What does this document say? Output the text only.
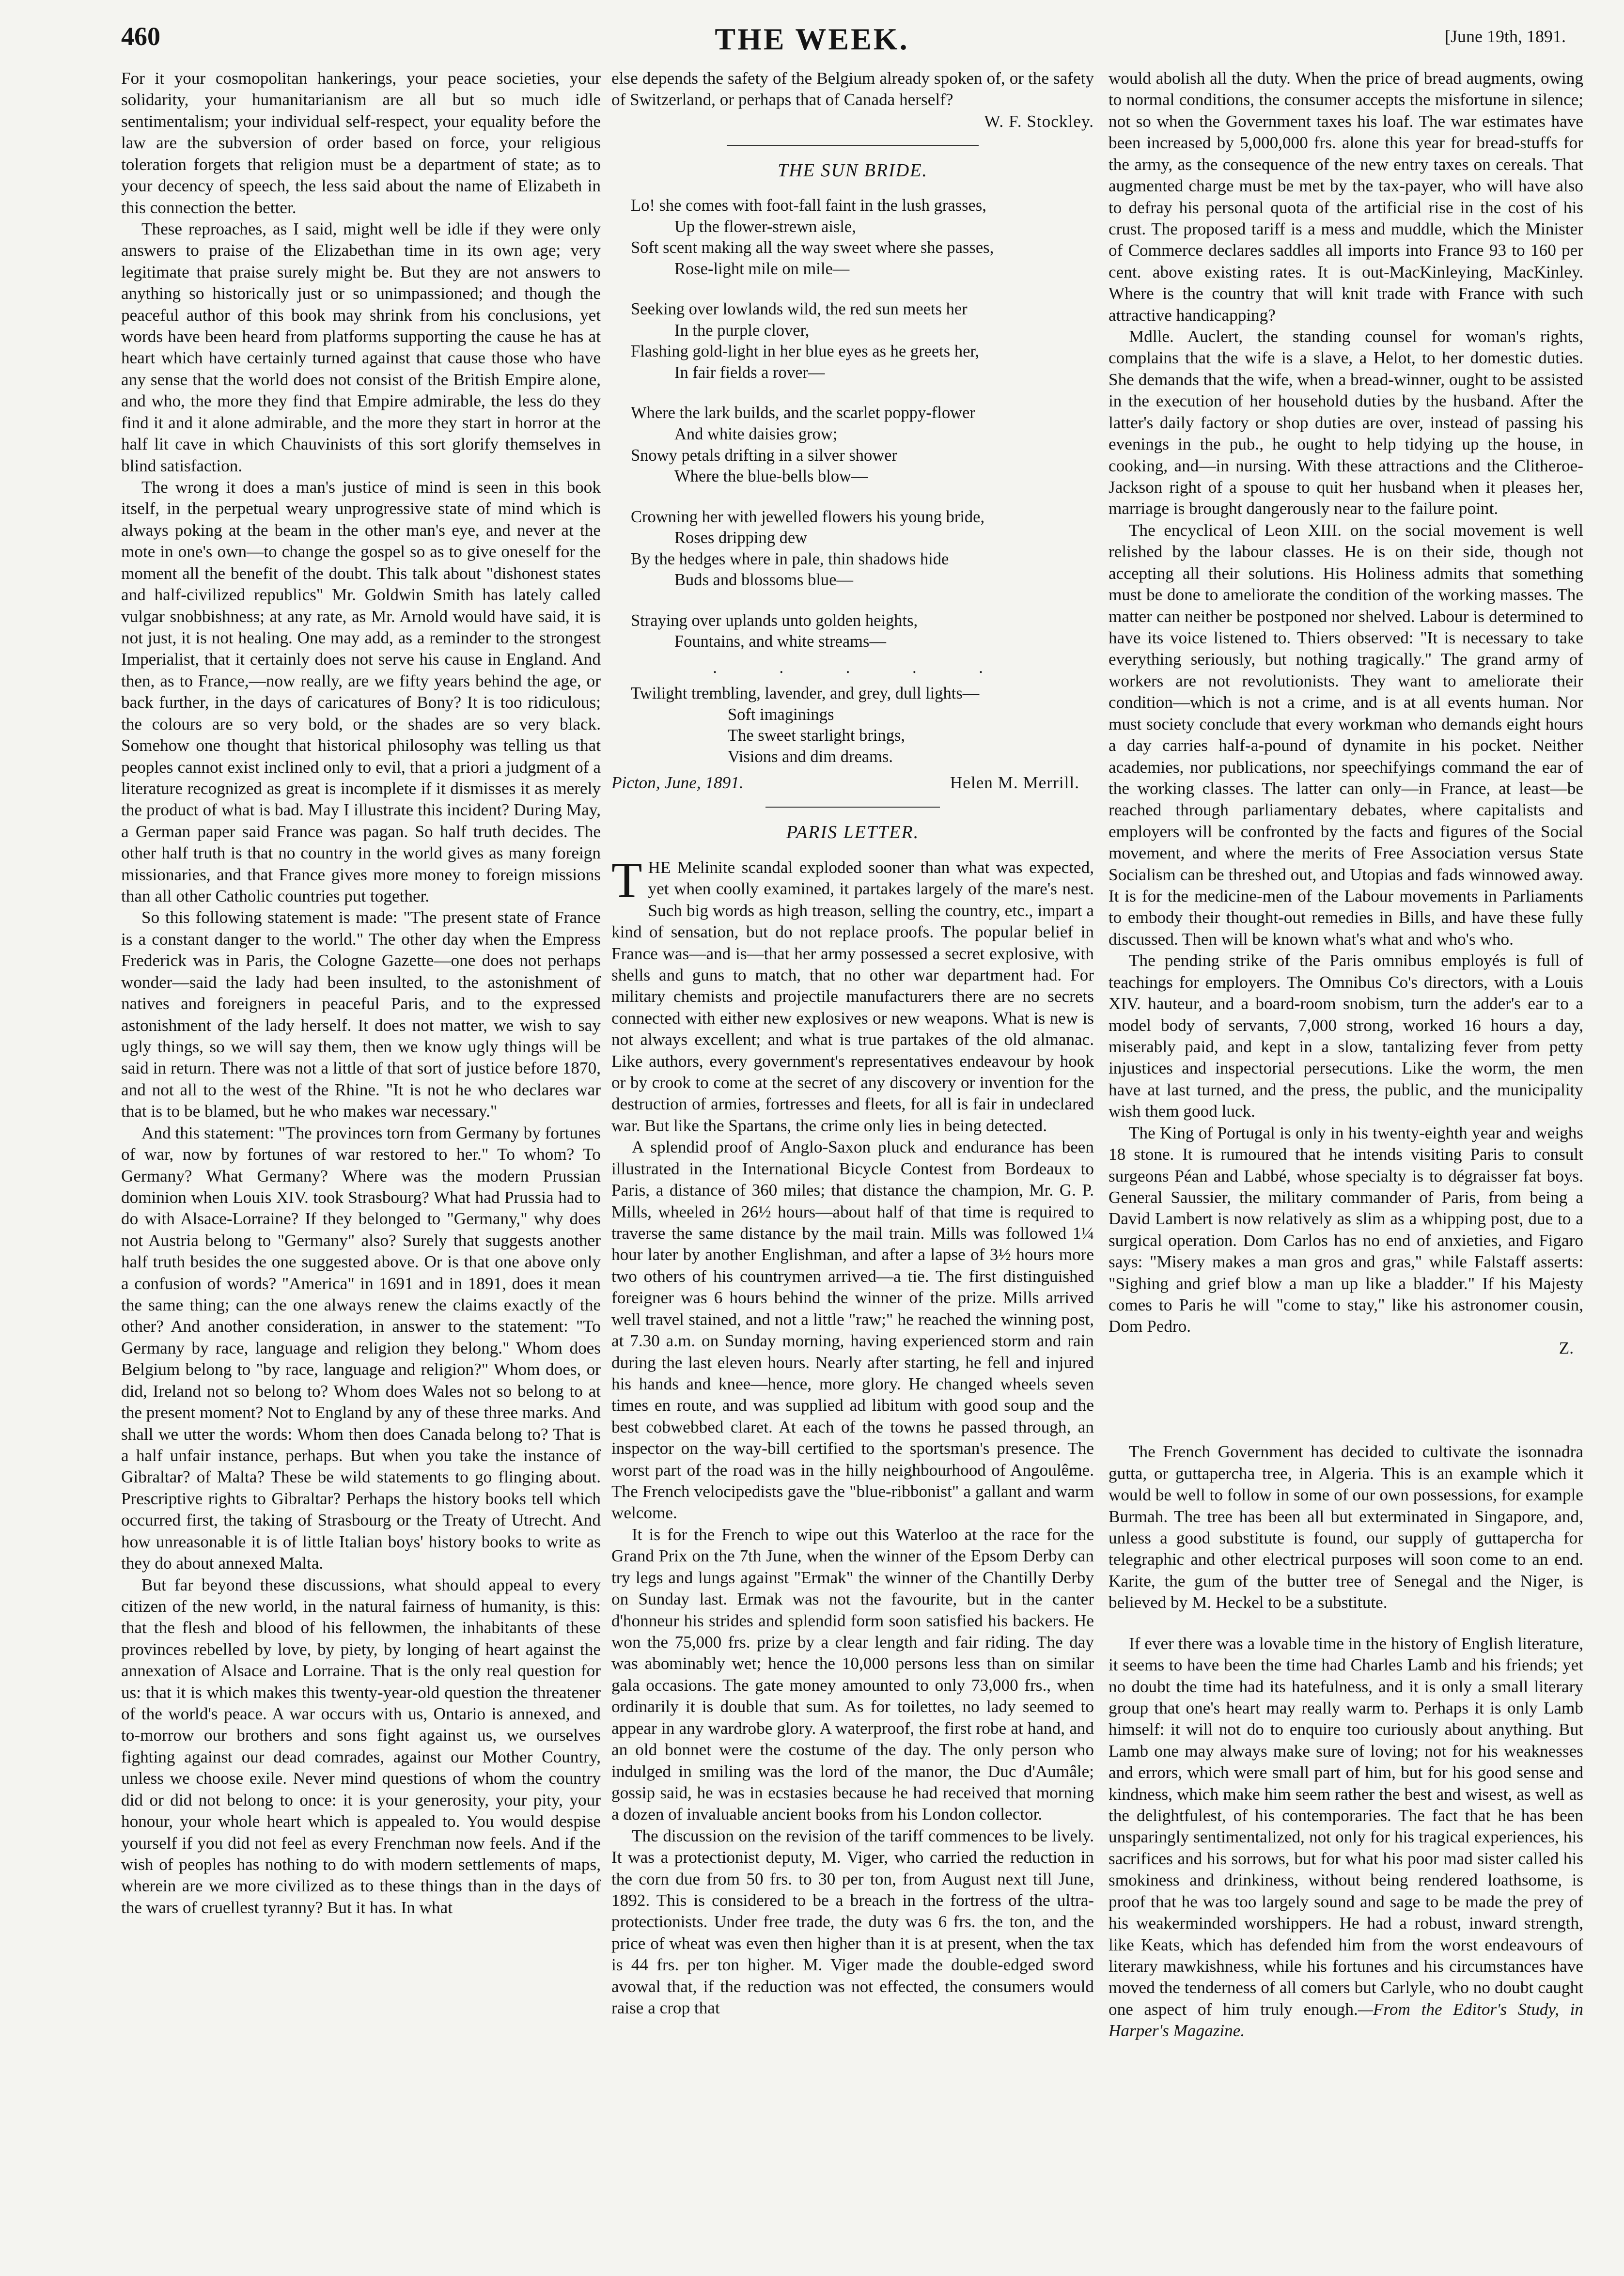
460	THE WEEK.	[June 19th, 1891.

For it your cosmopolitan hankerings, your peace societies, your solidarity, your humanitarianism are all but so much idle sentimentalism; your individual self-respect, your equality before the law are the subversion of order based on force, your religious toleration forgets that religion must be a department of state; as to your decency of speech, the less said about the name of Elizabeth in this connection the better.

These reproaches, as I said, might well be idle if they were only answers to praise of the Elizabethan time in its own age; very legitimate that praise surely might be. But they are not answers to anything so historically just or so unimpassioned; and though the peaceful author of this book may shrink from his conclusions, yet words have been heard from platforms supporting the cause he has at heart which have certainly turned against that cause those who have any sense that the world does not consist of the British Empire alone, and who, the more they find that Empire admirable, the less do they find it and it alone admirable, and the more they start in horror at the half lit cave in which Chauvinists of this sort glorify themselves in blind satisfaction.

The wrong it does a man's justice of mind is seen in this book itself, in the perpetual weary unprogressive state of mind which is always poking at the beam in the other man's eye, and never at the mote in one's own—to change the gospel so as to give oneself for the moment all the benefit of the doubt. This talk about "dishonest states and half-civilized republics" Mr. Goldwin Smith has lately called vulgar snobbishness; at any rate, as Mr. Arnold would have said, it is not just, it is not healing. One may add, as a reminder to the strongest Imperialist, that it certainly does not serve his cause in England. And then, as to France,—now really, are we fifty years behind the age, or back further, in the days of caricatures of Bony? It is too ridiculous; the colours are so very bold, or the shades are so very black. Somehow one thought that historical philosophy was telling us that peoples cannot exist inclined only to evil, that a priori a judgment of a literature recognized as great is incomplete if it dismisses it as merely the product of what is bad. May I illustrate this incident? During May, a German paper said France was pagan. So half truth decides. The other half truth is that no country in the world gives as many foreign missionaries, and that France gives more money to foreign missions than all other Catholic countries put together.

So this following statement is made: "The present state of France is a constant danger to the world." The other day when the Empress Frederick was in Paris, the Cologne Gazette—one does not perhaps wonder—said the lady had been insulted, to the astonishment of natives and foreigners in peaceful Paris, and to the expressed astonishment of the lady herself. It does not matter, we wish to say ugly things, so we will say them, then we know ugly things will be said in return. There was not a little of that sort of justice before 1870, and not all to the west of the Rhine. "It is not he who declares war that is to be blamed, but he who makes war necessary."

And this statement: "The provinces torn from Germany by fortunes of war, now by fortunes of war restored to her." To whom? To Germany? What Germany? Where was the modern Prussian dominion when Louis XIV. took Strasbourg? What had Prussia had to do with Alsace-Lorraine? If they belonged to "Germany," why does not Austria belong to "Germany" also? Surely that suggests another half truth besides the one suggested above. Or is that one above only a confusion of words? "America" in 1691 and in 1891, does it mean the same thing; can the one always renew the claims exactly of the other? And another consideration, in answer to the statement: "To Germany by race, language and religion they belong." Whom does Belgium belong to "by race, language and religion?" Whom does, or did, Ireland not so belong to? Whom does Wales not so belong to at the present moment? Not to England by any of these three marks. And shall we utter the words: Whom then does Canada belong to? That is a half unfair instance, perhaps. But when you take the instance of Gibraltar? of Malta? These be wild statements to go flinging about. Prescriptive rights to Gibraltar? Perhaps the history books tell which occurred first, the taking of Strasbourg or the Treaty of Utrecht. And how unreasonable it is of little Italian boys' history books to write as they do about annexed Malta.

But far beyond these discussions, what should appeal to every citizen of the new world, in the natural fairness of humanity, is this: that the flesh and blood of his fellowmen, the inhabitants of these provinces rebelled by love, by piety, by longing of heart against the annexation of Alsace and Lorraine. That is the only real question for us: that it is which makes this twenty-year-old question the threatener of the world's peace. A war occurs with us, Ontario is annexed, and to-morrow our brothers and sons fight against us, we ourselves fighting against our dead comrades, against our Mother Country, unless we choose exile. Never mind questions of whom the country did or did not belong to once: it is your generosity, your pity, your honour, your whole heart which is appealed to. You would despise yourself if you did not feel as every Frenchman now feels. And if the wish of peoples has nothing to do with modern settlements of maps, wherein are we more civilized as to these things than in the days of the wars of cruellest tyranny? But it has. In what

else depends the safety of the Belgium already spoken of, or the safety of Switzerland, or perhaps that of Canada herself?

W. F. Stockley.
THE SUN BRIDE.
Lo! she comes with foot-fall faint in the lush grasses,
Up the flower-strewn aisle,
Soft scent making all the way sweet where she passes,
Rose-light mile on mile—
Seeking over lowlands wild, the red sun meets her
In the purple clover,
Flashing gold-light in her blue eyes as he greets her,
In fair fields a rover—
Where the lark builds, and the scarlet poppy-flower
And white daisies grow;
Snowy petals drifting in a silver shower
Where the blue-bells blow—
Crowning her with jewelled flowers his young bride,
Roses dripping dew
By the hedges where in pale, thin shadows hide
Buds and blossoms blue—
Straying over uplands unto golden heights,
Fountains, and white streams—
. . . . .
Twilight trembling, lavender, and grey, dull lights—
Soft imaginings
The sweet starlight brings,
Visions and dim dreams.
Picton, June, 1891.	Helen M. Merrill.
PARIS LETTER.

THE Melinite scandal exploded sooner than what was expected, yet when coolly examined, it partakes largely of the mare's nest. Such big words as high treason, selling the country, etc., impart a kind of sensation, but do not replace proofs. The popular belief in France was—and is—that her army possessed a secret explosive, with shells and guns to match, that no other war department had. For military chemists and projectile manufacturers there are no secrets connected with either new explosives or new weapons. What is new is not always excellent; and what is true partakes of the old almanac. Like authors, every government's representatives endeavour by hook or by crook to come at the secret of any discovery or invention for the destruction of armies, fortresses and fleets, for all is fair in undeclared war. But like the Spartans, the crime only lies in being detected.

A splendid proof of Anglo-Saxon pluck and endurance has been illustrated in the International Bicycle Contest from Bordeaux to Paris, a distance of 360 miles; that distance the champion, Mr. G. P. Mills, wheeled in 26½ hours—about half of that time is required to traverse the same distance by the mail train. Mills was followed 1¼ hour later by another Englishman, and after a lapse of 3½ hours more two others of his countrymen arrived—a tie. The first distinguished foreigner was 6 hours behind the winner of the prize. Mills arrived well travel stained, and not a little "raw;" he reached the winning post, at 7.30 a.m. on Sunday morning, having experienced storm and rain during the last eleven hours. Nearly after starting, he fell and injured his hands and knee—hence, more glory. He changed wheels seven times en route, and was supplied ad libitum with good soup and the best cobwebbed claret. At each of the towns he passed through, an inspector on the way-bill certified to the sportsman's presence. The worst part of the road was in the hilly neighbourhood of Angoulême. The French velocipedists gave the "blue-ribbonist" a gallant and warm welcome.

It is for the French to wipe out this Waterloo at the race for the Grand Prix on the 7th June, when the winner of the Epsom Derby can try legs and lungs against "Ermak" the winner of the Chantilly Derby on Sunday last. Ermak was not the favourite, but in the canter d'honneur his strides and splendid form soon satisfied his backers. He won the 75,000 frs. prize by a clear length and fair riding. The day was abominably wet; hence the 10,000 persons less than on similar gala occasions. The gate money amounted to only 73,000 frs., when ordinarily it is double that sum. As for toilettes, no lady seemed to appear in any wardrobe glory. A waterproof, the first robe at hand, and an old bonnet were the costume of the day. The only person who indulged in smiling was the lord of the manor, the Duc d'Aumâle; gossip said, he was in ecstasies because he had received that morning a dozen of invaluable ancient books from his London collector.

The discussion on the revision of the tariff commences to be lively. It was a protectionist deputy, M. Viger, who carried the reduction in the corn due from 50 frs. to 30 per ton, from August next till June, 1892. This is considered to be a breach in the fortress of the ultra-protectionists. Under free trade, the duty was 6 frs. the ton, and the price of wheat was even then higher than it is at present, when the tax is 44 frs. per ton higher. M. Viger made the double-edged sword avowal that, if the reduction was not effected, the consumers would raise a crop that

would abolish all the duty. When the price of bread augments, owing to normal conditions, the consumer accepts the misfortune in silence; not so when the Government taxes his loaf. The war estimates have been increased by 5,000,000 frs. alone this year for bread-stuffs for the army, as the consequence of the new entry taxes on cereals. That augmented charge must be met by the tax-payer, who will have also to defray his personal quota of the artificial rise in the cost of his crust. The proposed tariff is a mess and muddle, which the Minister of Commerce declares saddles all imports into France 93 to 160 per cent. above existing rates. It is out-MacKinleying, MacKinley. Where is the country that will knit trade with France with such attractive handicapping?

Mdlle. Auclert, the standing counsel for woman's rights, complains that the wife is a slave, a Helot, to her domestic duties. She demands that the wife, when a bread-winner, ought to be assisted in the execution of her household duties by the husband. After the latter's daily factory or shop duties are over, instead of passing his evenings in the pub., he ought to help tidying up the house, in cooking, and—in nursing. With these attractions and the Clitheroe-Jackson right of a spouse to quit her husband when it pleases her, marriage is brought dangerously near to the failure point.

The encyclical of Leon XIII. on the social movement is well relished by the labour classes. He is on their side, though not accepting all their solutions. His Holiness admits that something must be done to ameliorate the condition of the working masses. The matter can neither be postponed nor shelved. Labour is determined to have its voice listened to. Thiers observed: "It is necessary to take everything seriously, but nothing tragically." The grand army of workers are not revolutionists. They want to ameliorate their condition—which is not a crime, and is at all events human. Nor must society conclude that every workman who demands eight hours a day carries half-a-pound of dynamite in his pocket. Neither academies, nor publications, nor speechifyings command the ear of the working classes. The latter can only—in France, at least—be reached through parliamentary debates, where capitalists and employers will be confronted by the facts and figures of the Social movement, and where the merits of Free Association versus State Socialism can be threshed out, and Utopias and fads winnowed away. It is for the medicine-men of the Labour movements in Parliaments to embody their thought-out remedies in Bills, and have these fully discussed. Then will be known what's what and who's who.

The pending strike of the Paris omnibus employés is full of teachings for employers. The Omnibus Co's directors, with a Louis XIV. hauteur, and a board-room snobism, turn the adder's ear to a model body of servants, 7,000 strong, worked 16 hours a day, miserably paid, and kept in a slow, tantalizing fever from petty injustices and inspectorial persecutions. Like the worm, the men have at last turned, and the press, the public, and the municipality wish them good luck.

The King of Portugal is only in his twenty-eighth year and weighs 18 stone. It is rumoured that he intends visiting Paris to consult surgeons Péan and Labbé, whose specialty is to dégraisser fat boys. General Saussier, the military commander of Paris, from being a David Lambert is now relatively as slim as a whipping post, due to a surgical operation. Dom Carlos has no end of anxieties, and Figaro says: "Misery makes a man gros and gras," while Falstaff asserts: "Sighing and grief blow a man up like a bladder." If his Majesty comes to Paris he will "come to stay," like his astronomer cousin, Dom Pedro.

Z.

The French Government has decided to cultivate the isonnadra gutta, or guttapercha tree, in Algeria. This is an example which it would be well to follow in some of our own possessions, for example Burmah. The tree has been all but exterminated in Singapore, and, unless a good substitute is found, our supply of guttapercha for telegraphic and other electrical purposes will soon come to an end. Karite, the gum of the butter tree of Senegal and the Niger, is believed by M. Heckel to be a substitute.

If ever there was a lovable time in the history of English literature, it seems to have been the time had Charles Lamb and his friends; yet no doubt the time had its hatefulness, and it is only a small literary group that one's heart may really warm to. Perhaps it is only Lamb himself: it will not do to enquire too curiously about anything. But Lamb one may always make sure of loving; not for his weaknesses and errors, which were small part of him, but for his good sense and kindness, which make him seem rather the best and wisest, as well as the delightfulest, of his contemporaries. The fact that he has been unsparingly sentimentalized, not only for his tragical experiences, his sacrifices and his sorrows, but for what his poor mad sister called his smokiness and drinkiness, without being rendered loathsome, is proof that he was too largely sound and sage to be made the prey of his weakerminded worshippers. He had a robust, inward strength, like Keats, which has defended him from the worst endeavours of literary mawkishness, while his fortunes and his circumstances have moved the tenderness of all comers but Carlyle, who no doubt caught one aspect of him truly enough.—From the Editor's Study, in Harper's Magazine.
